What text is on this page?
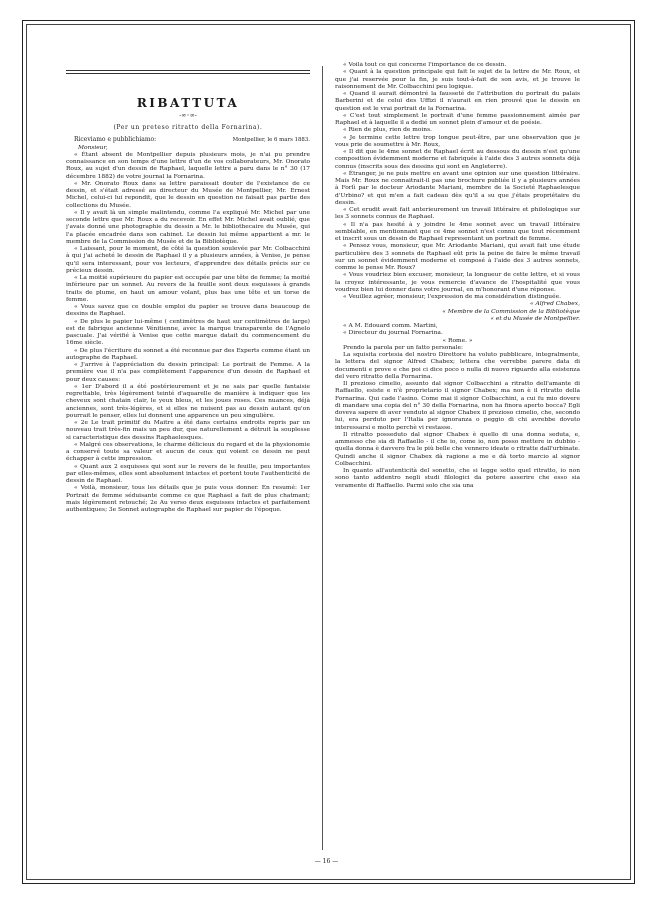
RIBATTUTA
-∞◦∞-
(Per un preteso ritratto della Fornarina).
Riceviamo e pubblichiamo:	Montpellier, le 6 mars 1883.
Monsieur,

« Étant absent de Montpellier depuis plusieurs mois, je n'ai pu prendre connaissance en son temps d'une lettre d'un de vos collaborateurs, Mr. Onorato Roux, au sujet d'un dessin de Raphael, laquelle lettre a paru dans le n° 30 (17 décembre 1882) de votre journal la Fornarina.

« Mr. Onorato Roux dans sa lettre paraissait douter de l'existance de ce dessin, et s'était adressé au directeur du Musée de Montpellier, Mr. Ernest Michel, celui-ci lui repondit, que le dessin en question ne faisait pas partie des collections du Musée.

« Il y avait là un simple malintendu, comme l'a expliqué Mr. Michel par une seconde lettre que Mr. Roux a du recevoir. En effet Mr. Michel avait oublié, que j'avais donné une photographie du dessin a Mr. le bibliothecaire du Musée, qui l'a placée encadrée dans son cabinet. Le dessin lui même appartient a mr. le membre de la Commission du Musée et de la Bibliotèque.

« Laissant, pour le moment, de côté la question soulevée par Mr. Colbacchini à qui j'ai acheté le dessin de Raphael il y a plusieurs années, à Venise, je pense qu'il sera interessant, pour vos lecteurs, d'apprendre des détails précis sur ce précieux dessin.

« La moitié supérieure du papier est occupée par une tête de femme; la moitié inférieure par un sonnet. Au revers de la feuille sont deux esquisses à grands traits de plume, en haut un amour volant, plus bas une tête et un torse de femme.

« Vous savez que ce double emploi du papier se trouve dans beaucoup de dessins de Raphael.

« De plus le papier lui-même ( centimètres de haut sur centimètres de large) est de fabrique ancienne Vénitienne, avec la marque transparente de l'Agnelo pascuale. J'ai vérifié à Venise que cette marque datait du commencement du 16me siècle.

« De plus l'écriture du sonnet a été reconnue par des Experts comme étant un autographe de Raphael.

« J'arrive à l'appréciation du dessin principal: Le portrait de Femme. A la première vue il n'a pas complètement l'apparence d'un dessin de Raphael et pour deux causes:

« 1er D'abord il a été postérieurement et je ne sais par quelle fantaisie regrettable, très légèrement teinté d'aquarelle de manière à indiquer que les cheveux sont chatain clair, le yeux bleus, et les joues roses. Ces nuances, déjà anciennes, sont très-légères, et si elles ne nuisent pas au dessin autant qu'on pourrait le penser, elles lui donnent une apparence un peu singulière.

« 2e Le trait primitif du Maitre a été dans certains endroits repris par un nouveau trait très-fin mais un peu dur, que naturellement a détruit la souplesse si caracteristique des dessins Raphaelesques.

« Malgré ces observations, le charme délicieux du regard et de la physionomie a conservé toute sa valeur et aucun de ceux qui voient ce dessin ne peut échapper à cette impression.

« Quant aux 2 esquisses qui sont sur le revers de le feuille, peu importantes par elles-mêmes, elles sont absolument intactes et portent toute l'authenticité de dessin de Raphael.

« Voilà, monsieur, tous les détails que je puis vous donner. En resumé: 1er Portrait de femme séduisante comme ce que Raphael a fait de plus chatmant; mais légèrement retouché; 2e Au verso deux esquisses intactes et parfaitement authentiques; 3e Sonnet autographe de Raphael sur papier de l'époque.

« Voilà tout ce qui concerne l'importance de ce dessin.

« Quant à la question principale qui fait le sujet de la lettre de Mr. Roux, et que j'ai reservée pour la fin, je suis tout-à-fait de son avis, et je trouve le raisonnement de Mr. Colbacchini peu logique.

« Quand il aurait démontré la fausseté de l'attribution du portrait du palais Barberini et de celui des Uffizi il n'aurait en rien prouvé que le dessin en question est le vrai portrait de la Fornarina.

« C'est tout simplement le portrait d'une femme passionnement aimée par Raphael et à laquelle il a dedié un sonnet plein d'amour et de poésie.

« Rien de plus, rien de moins.

« Je termine cette lettre trop longue peut-être, par une observation que je vous prie de soumettre à Mr. Roux,

« Il dit que le 4me sonnet de Raphael écrit au dessous du dessin n'est qu'une composition évidemment moderne et fabriquée à l'aide des 3 autres sonnets déjà connus (inscrits sous des dessins qui sont en Angleterre).

« Étranger, je ne puis mettre en avant une opinion sur une question littéraire. Mais Mr. Roux ne connaitrait-il pas une brochure publiée il y a plusieurs années à Forlì par le docteur Ariodante Mariani, membre de la Societé Raphaelesque d'Urbino? et qui m'en a fait cadeau dès qu'il a su que j'étais propriétaire du dessin.

« Cet erudit avait fait anterieurement un travail littéraire et philologique sur les 3 sonnets connus de Raphael.

« Il n'a pas hesité à y joindre le 4me sonnet avec un travail littéraire semblable, en mentionnant que ce 4me sonnet n'est connu que tout récemment et inscrit sous un dessin de Raphael representant un portrait de femme.

« Pensez vous, monsieur, que Mr. Ariodante Mariani, qui avait fait une étude particulière des 3 sonnets de Raphael eût pris la peine de faire le même travail sur un sonnet évidemment moderne et composé à l'aide des 3 autres sonnets, comme le pense Mr. Roux?

« Vous voudriez bien excuser, monsieur, la longueur de cette lettre, et si vous la croyez intéressante, je vous remercie d'avance de l'hospitalité que vous voudrez bien lui donner dans votre journal, en m'honorant d'une réponse.

« Veuillez agréer, monsieur, l'expression de ma considération distinguée.

« Alfred Chabex,
« Membre de la Commission de la Bibliotèque
« et du Musée de Montpellier.
« A M. Edouard comm. Martini,
« Directeur du journal Fornarina.
« Rome. »

Prendo la parola per un fatto personale:

La squisita cortesia del nostro Direttore ha voluto pubblicare, integralmente, la lettera del signor Alfred Chabex; lettera che verrebbe parere data di documenti e prove e che poi ci dice poco o nulla di nuovo riguardo alla esistenza del vero ritratto della Fornarina.

Il prezioso cimelio, assunto dal signor Colbacchini a ritratto dell'amante di Raffaello, esiste e n'è proprietario il signor Chabex; ma non è il ritratto della Fornarina. Qui cade l'asino. Come mai il signor Colbacchini, a cui fu mio dovere di mandare una copia del n° 30 della Fornarina, non ha finora aperto bocca? Egli doveva sapere di aver venduto al signor Chabex il prezioso cimelio, che, secondo lui, era perduto per l'Italia per ignoranza o peggio di chi avrebbe dovuto interessarsi e molto perchè vi restasse.

Il ritratto posseduto dal signor Chabex è quello di una donna seduta, e, ammesso che sia di Raffaello - il che io, come io, non posso mettere in dubbio - quella donna è davvero fra le più belle che vennero ideate o ritratte dall'urbinate. Quindi anche il signor Chabex dà ragione a me e dà torto marcio al signor Colbacchini.

In quanto all'autenticità del sonetto, che si legge sotto quel ritratto, io non sono tanto addentro negli studi filologici da potere asserire che esso sia veramente di Raffaello. Parmi solo che sia una

— 16 —
